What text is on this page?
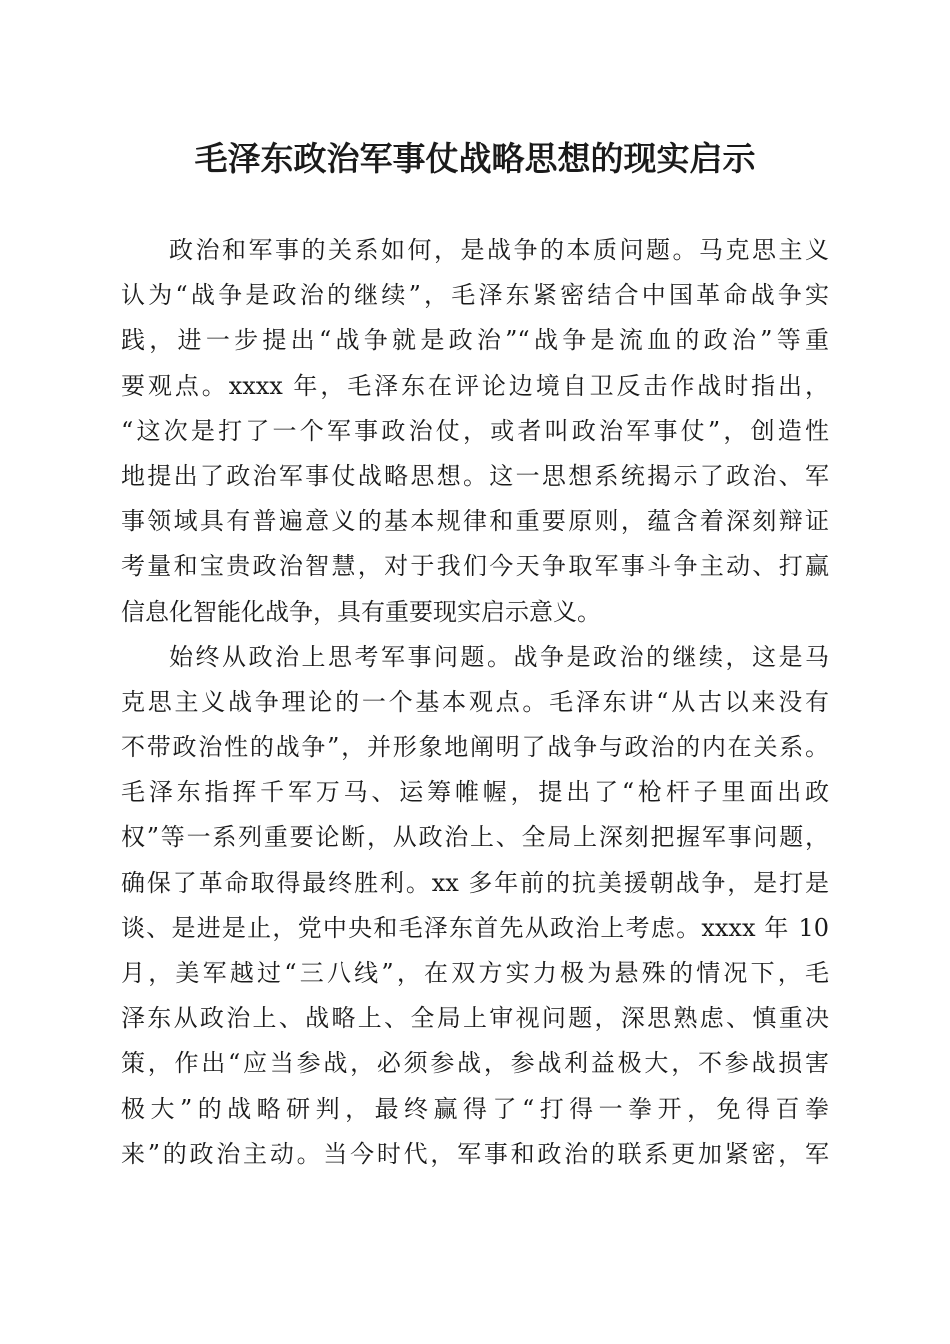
毛泽东政治军事仗战略思想的现实启示
政治和军事的关系如何，是战争的本质问题。马克思主义
认为“战争是政治的继续”，毛泽东紧密结合中国革命战争实
践，进一步提出“战争就是政治”“战争是流血的政治”等重
要观点。xxxx 年，毛泽东在评论边境自卫反击作战时指出，
“这次是打了一个军事政治仗，或者叫政治军事仗”，创造性
地提出了政治军事仗战略思想。这一思想系统揭示了政治、军
事领域具有普遍意义的基本规律和重要原则，蕴含着深刻辩证
考量和宝贵政治智慧，对于我们今天争取军事斗争主动、打赢
信息化智能化战争，具有重要现实启示意义。
始终从政治上思考军事问题。战争是政治的继续，这是马
克思主义战争理论的一个基本观点。毛泽东讲“从古以来没有
不带政治性的战争”，并形象地阐明了战争与政治的内在关系。
毛泽东指挥千军万马、运筹帷幄，提出了“枪杆子里面出政
权”等一系列重要论断，从政治上、全局上深刻把握军事问题，
确保了革命取得最终胜利。xx 多年前的抗美援朝战争，是打是
谈、是进是止，党中央和毛泽东首先从政治上考虑。xxxx 年 10
月，美军越过“三八线”，在双方实力极为悬殊的情况下，毛
泽东从政治上、战略上、全局上审视问题，深思熟虑、慎重决
策，作出“应当参战，必须参战，参战利益极大，不参战损害
极大”的战略研判，最终赢得了“打得一拳开，免得百拳
来”的政治主动。当今时代，军事和政治的联系更加紧密，军
